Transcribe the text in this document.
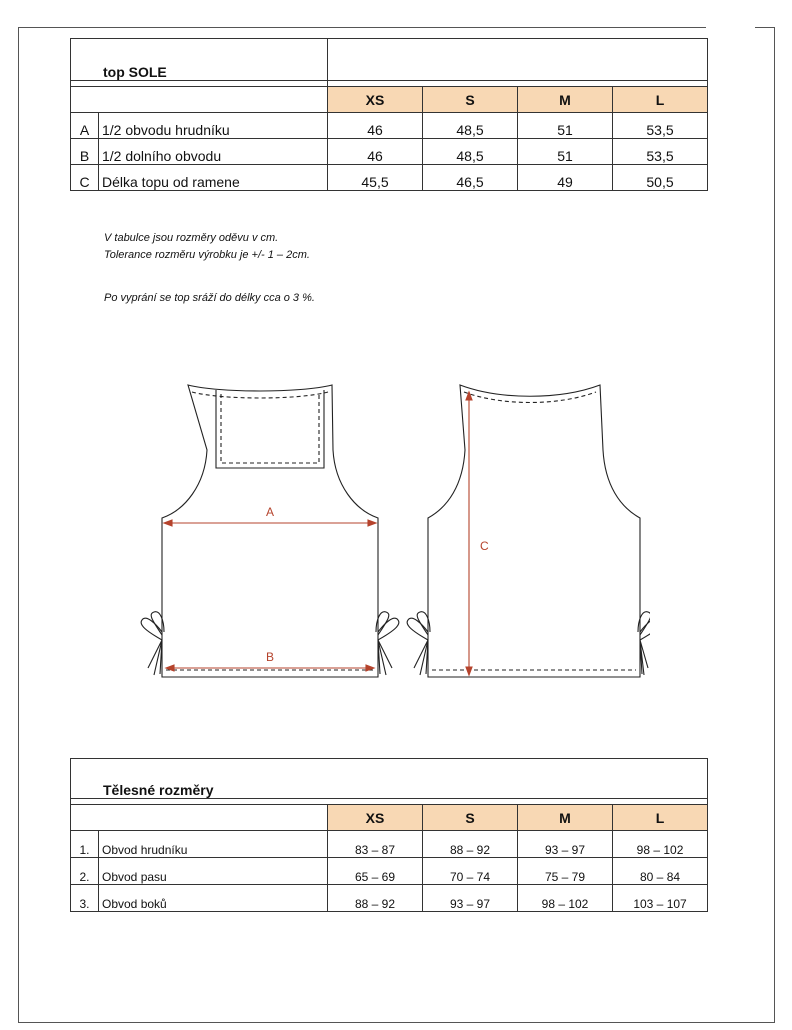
top SOLE					

		XS	S	M	L
A	1/2 obvodu hrudníku	46	48,5	51	53,5
B	1/2 dolního obvodu	46	48,5	51	53,5
C	Délka topu od ramene	45,5	46,5	49	50,5
V tabulce jsou rozměry oděvu v cm.
Tolerance rozměru výrobku je +/- 1 – 2cm.
Po vyprání se top sráží do délky cca o 3 %.
A
B
C
Tělesné rozměry					

		XS	S	M	L
1.	Obvod hrudníku	83 – 87	88 – 92	93 – 97	98 – 102
2.	Obvod pasu	65 – 69	70 – 74	75 – 79	80 – 84
3.	Obvod boků	88 – 92	93 – 97	98 – 102	103 – 107
